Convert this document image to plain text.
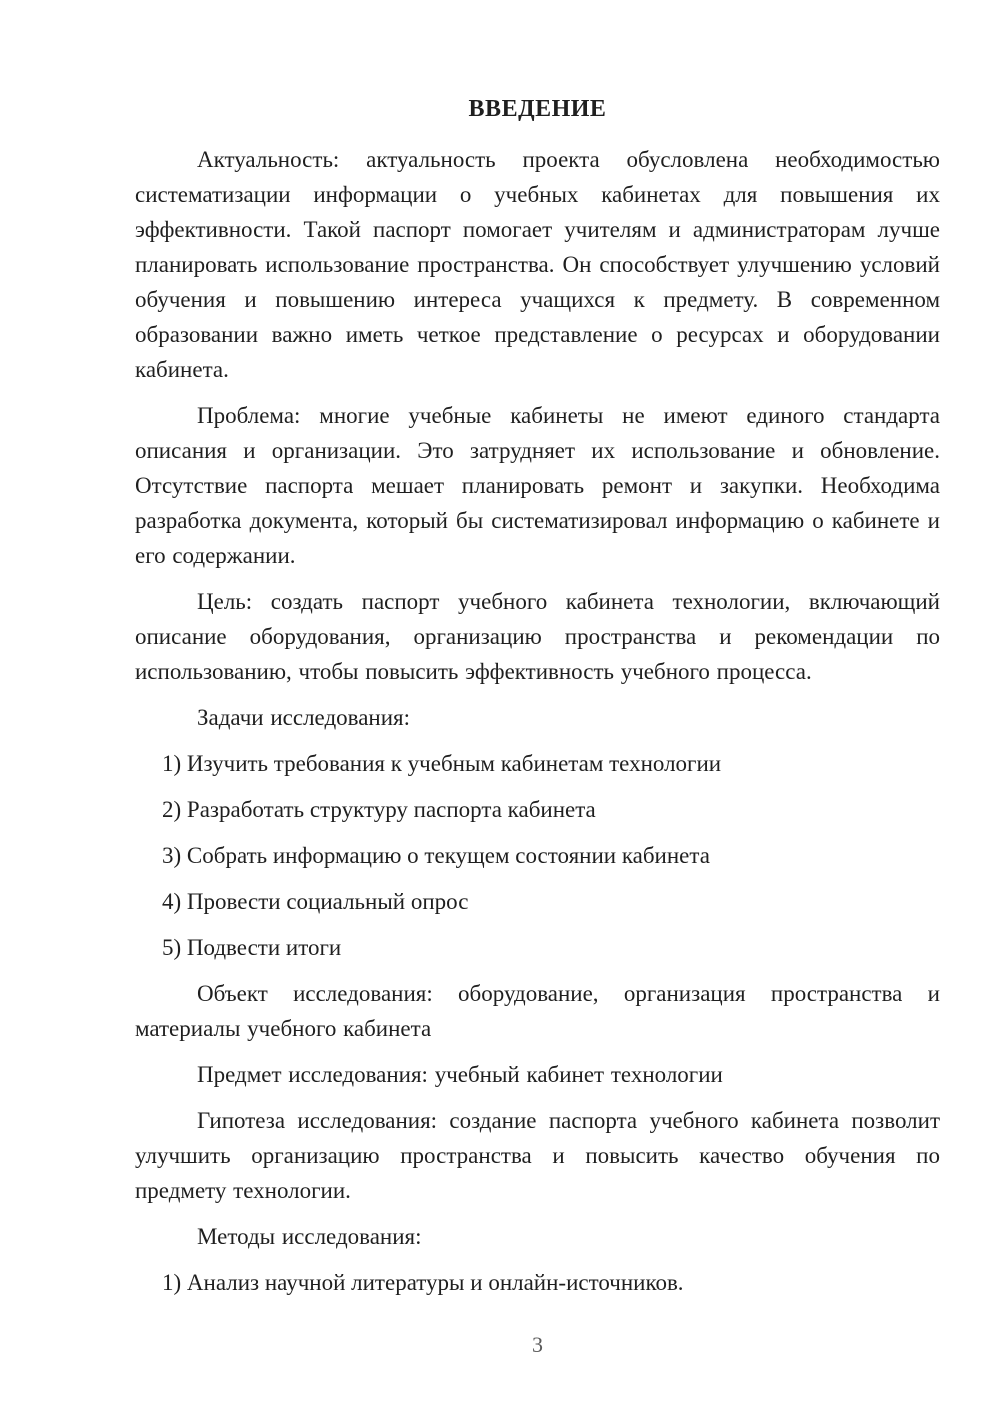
ВВЕДЕНИЕ

Актуальность: актуальность проекта обусловлена необходимостью систематизации информации о учебных кабинетах для повышения их эффективности. Такой паспорт помогает учителям и администраторам лучше планировать использование пространства. Он способствует улучшению условий обучения и повышению интереса учащихся к предмету. В современном образовании важно иметь четкое представление о ресурсах и оборудовании кабинета.

Проблема: многие учебные кабинеты не имеют единого стандарта описания и организации. Это затрудняет их использование и обновление. Отсутствие паспорта мешает планировать ремонт и закупки. Необходима разработка документа, который бы систематизировал информацию о кабинете и его содержании.

Цель: создать паспорт учебного кабинета технологии, включающий описание оборудования, организацию пространства и рекомендации по использованию, чтобы повысить эффективность учебного процесса.

Задачи исследования:

1) Изучить требования к учебным кабинетам технологии

2) Разработать структуру паспорта кабинета

3) Собрать информацию о текущем состоянии кабинета

4) Провести социальный опрос

5) Подвести итоги

Объект исследования: оборудование, организация пространства и материалы учебного кабинета

Предмет исследования: учебный кабинет технологии

Гипотеза исследования: создание паспорта учебного кабинета позволит улучшить организацию пространства и повысить качество обучения по предмету технологии.

Методы исследования:

1) Анализ научной литературы и онлайн-источников.

3
